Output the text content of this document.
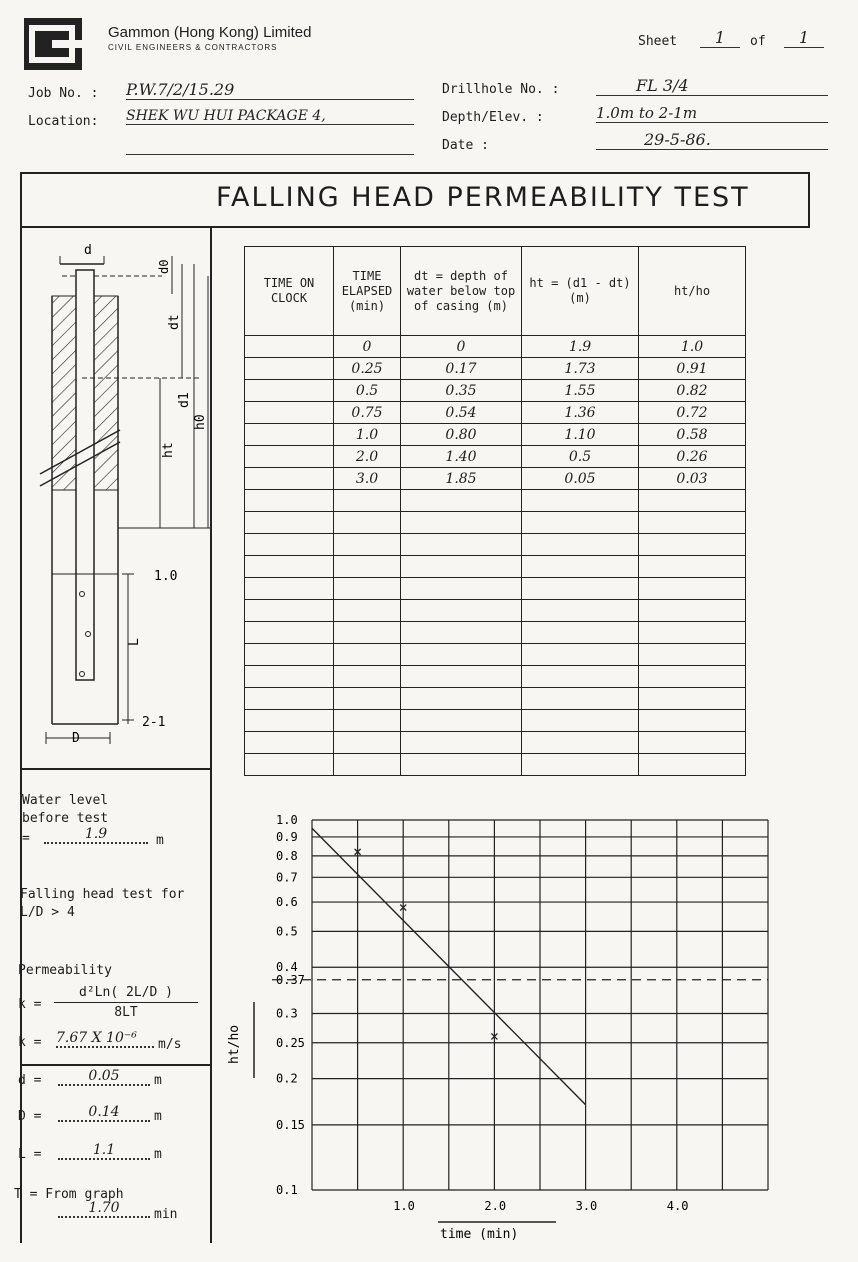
Gammon (Hong Kong) Limited
CIVIL ENGINEERS & CONTRACTORS	Sheet	1	of	1
Job No. : P.W.7/2/15.29
Location: SHEK WU HUI PACKAGE 4,
Drillhole No. :	FL 3/4
Depth/Elev. :	1.0m to 2-1m
Date :	29-5-86.
FALLING HEAD PERMEABILITY TEST
d
d0
dt
d1
h0
ht
L
D
1.0
2-1
Water level before test
=	1.9	m
Falling head test for L/D > 4
Permeability
k =
d²Ln( 2L/D )
8LT
k = 7.67 X 10⁻⁶	m/s
d =	0.05	m
D =	0.14	m
L =	1.1	m
T = From graph
1.70	min
TIME ON CLOCK	TIME ELAPSED (min)	dt = depth of water below top of casing (m)	ht = (d1 - dt) (m)	ht/ho
	0	0	1.9	1.0
	0.25	0.17	1.73	0.91
	0.5	0.35	1.55	0.82
	0.75	0.54	1.36	0.72
	1.0	0.80	1.10	0.58
	2.0	1.40	0.5	0.26
	3.0	1.85	0.05	0.03

1.0
0.9
0.8
0.7
0.6
0.5
0.4
0.37
0.3
0.25
0.2
0.15
0.1
1.0	2.0	3.0	4.0
ht/ho
time (min)
